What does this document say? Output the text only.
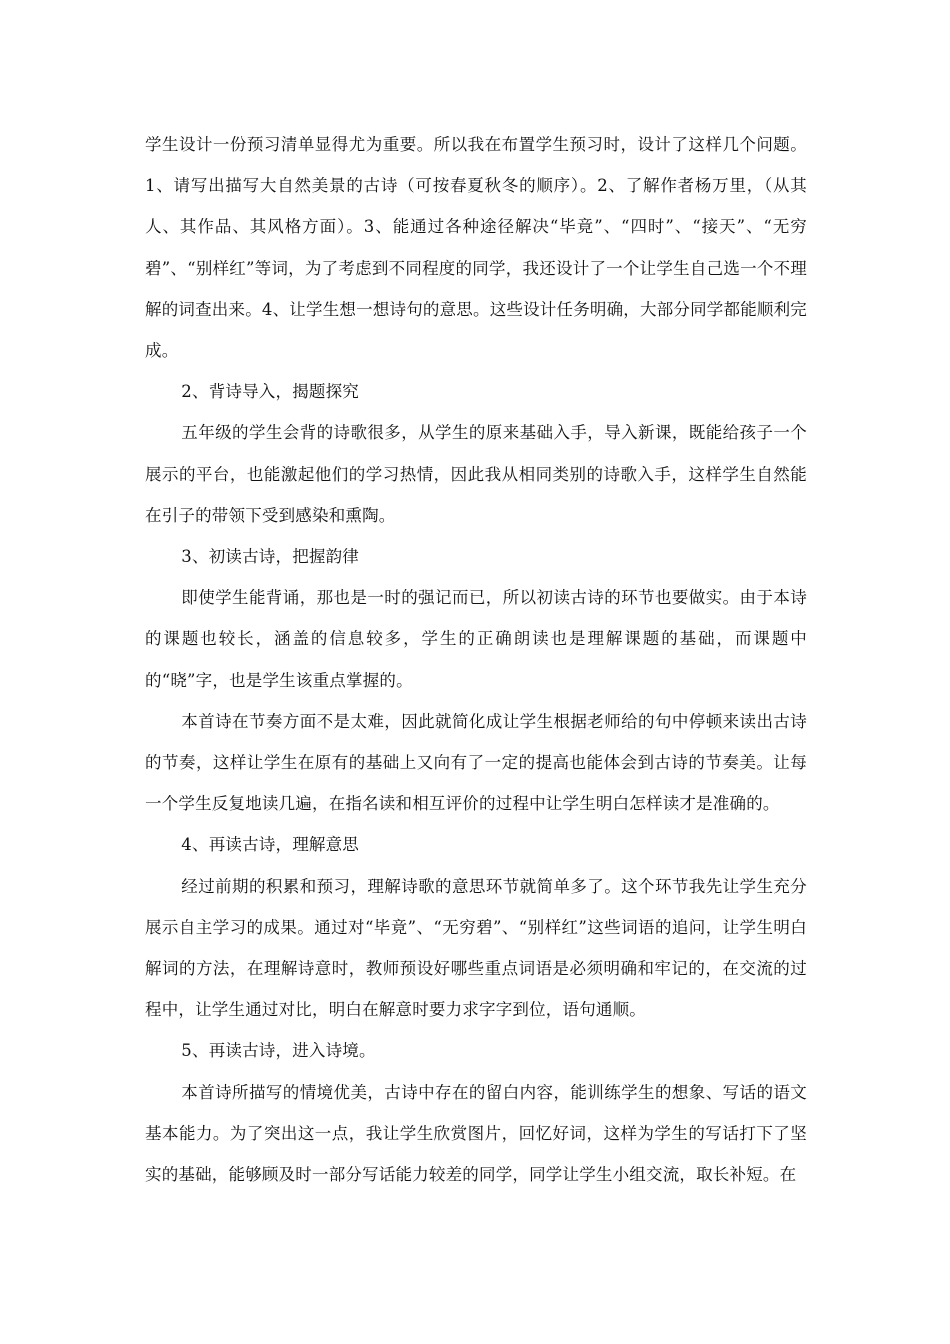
学生设计一份预习清单显得尤为重要。所以我在布置学生预习时，设计了这样几个问题。1、请写出描写大自然美景的古诗（可按春夏秋冬的顺序）。2、了解作者杨万里，（从其人、其作品、其风格方面）。3、能通过各种途径解决“毕竟”、“四时”、“接天”、“无穷碧”、“别样红”等词，为了考虑到不同程度的同学，我还设计了一个让学生自己选一个不理解的词查出来。4、让学生想一想诗句的意思。这些设计任务明确，大部分同学都能顺利完成。

2、背诗导入，揭题探究

五年级的学生会背的诗歌很多，从学生的原来基础入手，导入新课，既能给孩子一个展示的平台，也能激起他们的学习热情，因此我从相同类别的诗歌入手，这样学生自然能在引子的带领下受到感染和熏陶。

3、初读古诗，把握韵律

即使学生能背诵，那也是一时的强记而已，所以初读古诗的环节也要做实。由于本诗的课题也较长，涵盖的信息较多，学生的正确朗读也是理解课题的基础，而课题中的“晓”字，也是学生该重点掌握的。

本首诗在节奏方面不是太难，因此就简化成让学生根据老师给的句中停顿来读出古诗的节奏，这样让学生在原有的基础上又向有了一定的提高也能体会到古诗的节奏美。让每一个学生反复地读几遍，在指名读和相互评价的过程中让学生明白怎样读才是准确的。

4、再读古诗，理解意思

经过前期的积累和预习，理解诗歌的意思环节就简单多了。这个环节我先让学生充分展示自主学习的成果。通过对“毕竟”、“无穷碧”、“别样红”这些词语的追问，让学生明白解词的方法，在理解诗意时，教师预设好哪些重点词语是必须明确和牢记的，在交流的过程中，让学生通过对比，明白在解意时要力求字字到位，语句通顺。

5、再读古诗，进入诗境。

本首诗所描写的情境优美，古诗中存在的留白内容，能训练学生的想象、写话的语文基本能力。为了突出这一点，我让学生欣赏图片，回忆好词，这样为学生的写话打下了坚实的基础，能够顾及时一部分写话能力较差的同学，同学让学生小组交流，取长补短。在
